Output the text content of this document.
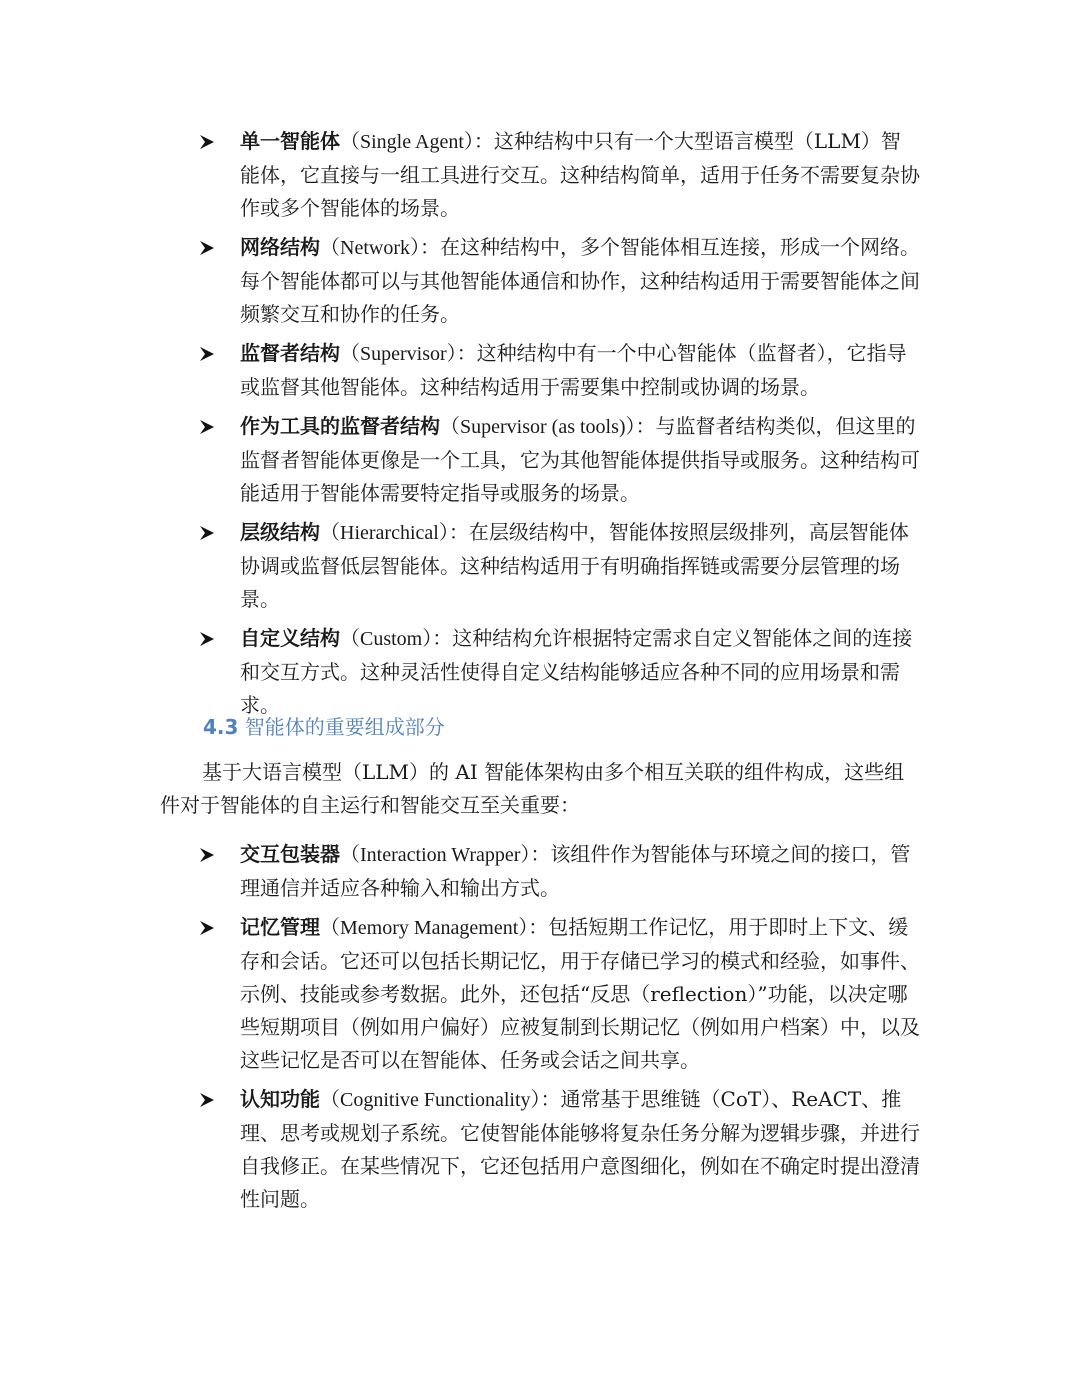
单一智能体（Single Agent）：这种结构中只有一个大型语言模型（LLM）智能体，它直接与一组工具进行交互。这种结构简单，适用于任务不需要复杂协作或多个智能体的场景。
网络结构（Network）：在这种结构中，多个智能体相互连接，形成一个网络。每个智能体都可以与其他智能体通信和协作，这种结构适用于需要智能体之间频繁交互和协作的任务。
监督者结构（Supervisor）：这种结构中有一个中心智能体（监督者），它指导或监督其他智能体。这种结构适用于需要集中控制或协调的场景。
作为工具的监督者结构（Supervisor (as tools)）：与监督者结构类似，但这里的监督者智能体更像是一个工具，它为其他智能体提供指导或服务。这种结构可能适用于智能体需要特定指导或服务的场景。
层级结构（Hierarchical）：在层级结构中，智能体按照层级排列，高层智能体协调或监督低层智能体。这种结构适用于有明确指挥链或需要分层管理的场景。
自定义结构（Custom）：这种结构允许根据特定需求自定义智能体之间的连接和交互方式。这种灵活性使得自定义结构能够适应各种不同的应用场景和需求。
4.3 智能体的重要组成部分

基于大语言模型（LLM）的 AI 智能体架构由多个相互关联的组件构成，这些组件对于智能体的自主运行和智能交互至关重要：

交互包装器（Interaction Wrapper）：该组件作为智能体与环境之间的接口，管理通信并适应各种输入和输出方式。
记忆管理（Memory Management）：包括短期工作记忆，用于即时上下文、缓存和会话。它还可以包括长期记忆，用于存储已学习的模式和经验，如事件、示例、技能或参考数据。此外，还包括“反思（reflection）”功能，以决定哪些短期项目（例如用户偏好）应被复制到长期记忆（例如用户档案）中，以及这些记忆是否可以在智能体、任务或会话之间共享。
认知功能（Cognitive Functionality）：通常基于思维链（CoT）、ReACT、推理、思考或规划子系统。它使智能体能够将复杂任务分解为逻辑步骤，并进行自我修正。在某些情况下，它还包括用户意图细化，例如在不确定时提出澄清性问题。
